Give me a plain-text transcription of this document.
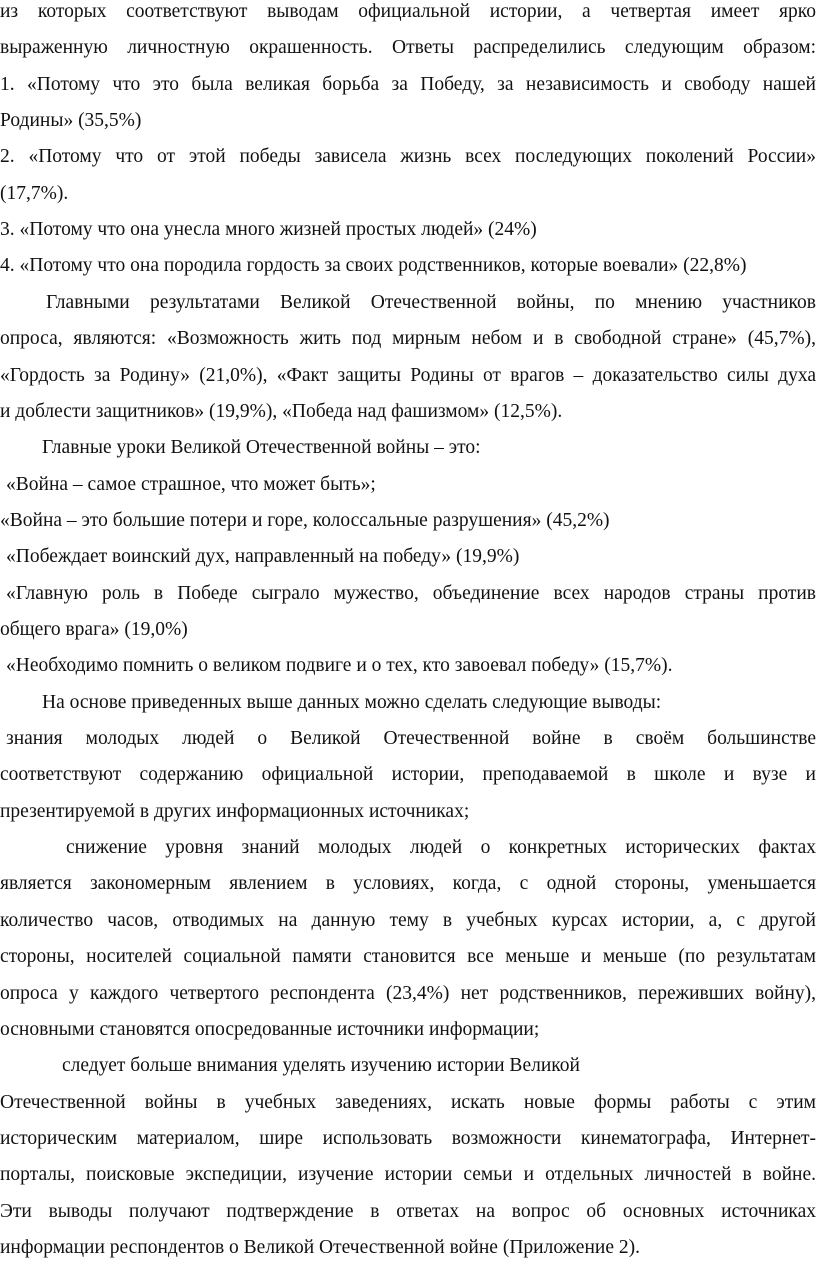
из которых соответствуют выводам официальной истории, а четвертая имеет ярко
выраженную личностную окрашенность. Ответы распределились следующим образом:
1. «Потому что это была великая борьба за Победу, за независимость и свободу нашей
Родины» (35,5%)
2. «Потому что от этой победы зависела жизнь всех последующих поколений России»
(17,7%).
3. «Потому что она унесла много жизней простых людей» (24%)
4. «Потому что она породила гордость за своих родственников, которые воевали» (22,8%)
Главными результатами Великой Отечественной войны, по мнению участников
опроса, являются: «Возможность жить под мирным небом и в свободной стране» (45,7%),
«Гордость за Родину» (21,0%), «Факт защиты Родины от врагов – доказательство силы духа
и доблести защитников» (19,9%), «Победа над фашизмом» (12,5%).
Главные уроки Великой Отечественной войны – это:
«Война – самое страшное, что может быть»;
«Война – это большие потери и горе, колоссальные разрушения» (45,2%)
«Побеждает воинский дух, направленный на победу» (19,9%)
«Главную роль в Победе сыграло мужество, объединение всех народов страны против
общего врага» (19,0%)
«Необходимо помнить о великом подвиге и о тех, кто завоевал победу» (15,7%).
На основе приведенных выше данных можно сделать следующие выводы:
знания молодых людей о Великой Отечественной войне в своём большинстве
соответствуют содержанию официальной истории, преподаваемой в школе и вузе и
презентируемой в других информационных источниках;
снижение уровня знаний молодых людей о конкретных исторических фактах
является закономерным явлением в условиях, когда, с одной стороны, уменьшается
количество часов, отводимых на данную тему в учебных курсах истории, а, с другой
стороны, носителей социальной памяти становится все меньше и меньше (по результатам
опроса у каждого четвертого респондента (23,4%) нет родственников, переживших войну),
основными становятся опосредованные источники информации;
следует больше внимания уделять изучению истории Великой
Отечественной войны в учебных заведениях, искать новые формы работы с этим
историческим материалом, шире использовать возможности кинематографа, Интернет-
порталы, поисковые экспедиции, изучение истории семьи и отдельных личностей в войне.
Эти выводы получают подтверждение в ответах на вопрос об основных источниках
информации респондентов о Великой Отечественной войне (Приложение 2).
